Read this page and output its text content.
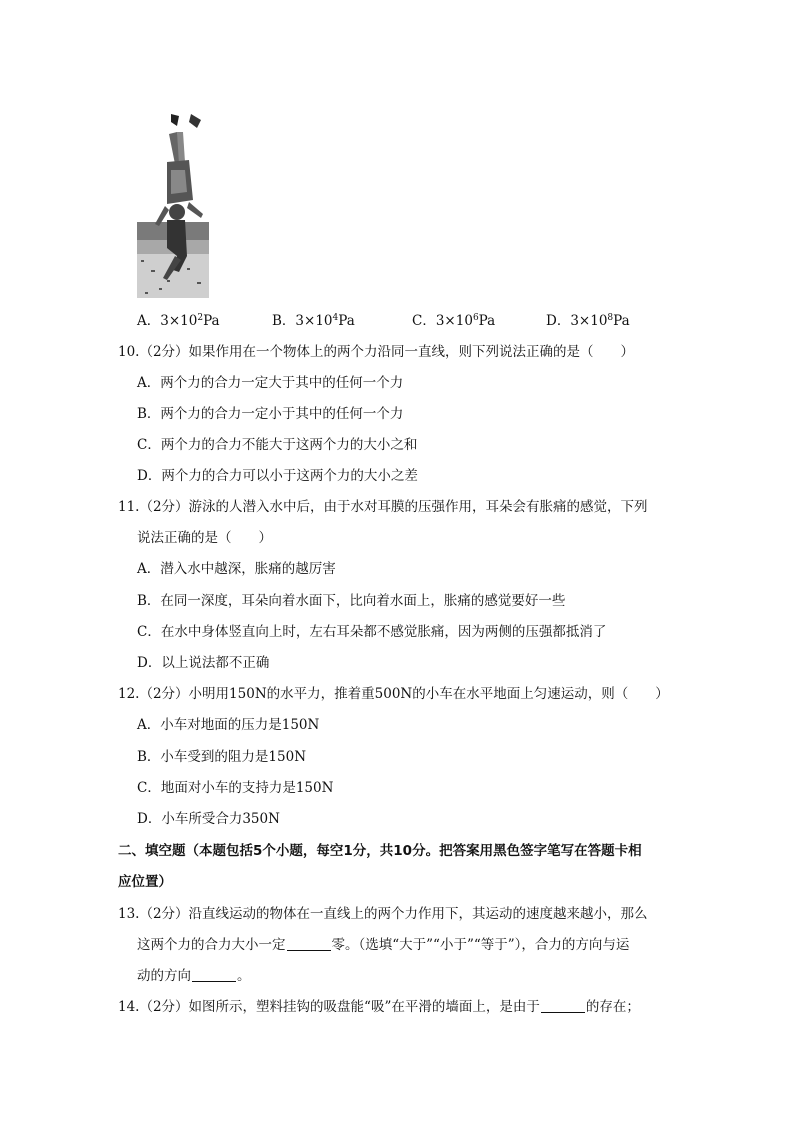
A．$3\times 10^2Pa$	B．$3\times 10^4Pa$	C．$3\times 10^6Pa$	D．$3\times 10^8Pa$
10.（2分）如果作用在一个物体上的两个力沿同一直线，则下列说法正确的是（　　）
A．两个力的合力一定大于其中的任何一个力
B．两个力的合力一定小于其中的任何一个力
C．两个力的合力不能大于这两个力的大小之和
D．两个力的合力可以小于这两个力的大小之差
11.（2分）游泳的人潜入水中后，由于水对耳膜的压强作用，耳朵会有胀痛的感觉，下列
说法正确的是（　　）
A．潜入水中越深，胀痛的越厉害
B．在同一深度，耳朵向着水面下，比向着水面上，胀痛的感觉要好一些
C．在水中身体竖直向上时，左右耳朵都不感觉胀痛，因为两侧的压强都抵消了
D．以上说法都不正确
12.（2分）小明用150N的水平力，推着重500N的小车在水平地面上匀速运动，则（　　）
A．小车对地面的压力是150N
B．小车受到的阻力是150N
C．地面对小车的支持力是150N
D．小车所受合力350N
二、填空题（本题包括5个小题，每空1分，共10分。把答案用黑色签字笔写在答题卡相
应位置）
13.（2分）沿直线运动的物体在一直线上的两个力作用下，其运动的速度越来越小，那么
这两个力的合力大小一定	零。（选填“大于”“小于”“等于”），合力的方向与运
动的方向	。
14.（2分）如图所示，塑料挂钩的吸盘能“吸”在平滑的墙面上，是由于	的存在；
